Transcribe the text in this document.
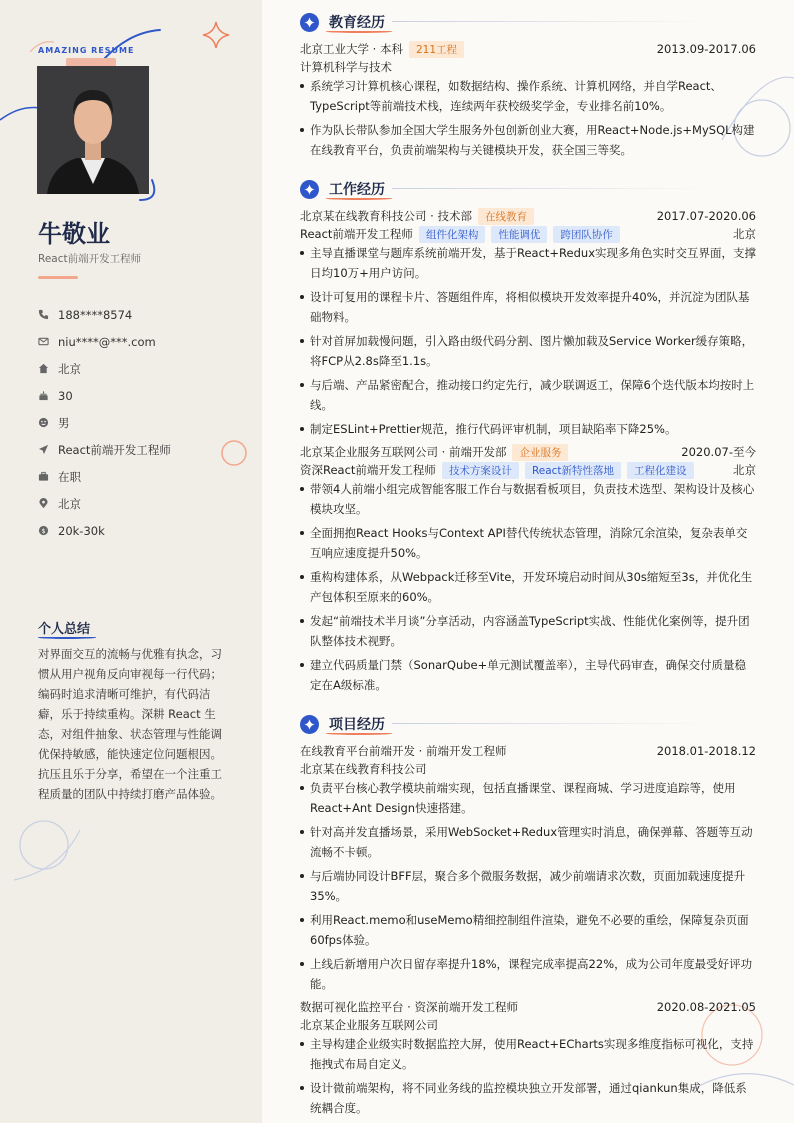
AMAZING RESUME
牛敬业
React前端开发工程师
188****8574
niu****@***.com
北京
30
男
React前端开发工程师
在职
北京
$ 20k-30k
个人总结
对界面交互的流畅与优雅有执念，习惯从用户视角反向审视每一行代码；编码时追求清晰可维护，有代码洁癖，乐于持续重构。深耕 React 生态，对组件抽象、状态管理与性能调优保持敏感，能快速定位问题根因。抗压且乐于分享，希望在一个注重工程质量的团队中持续打磨产品体验。
教育经历
北京工业大学 · 本科	211工程	2013.09-2017.06
计算机科学与技术
系统学习计算机核心课程，如数据结构、操作系统、计算机网络，并自学React、TypeScript等前端技术栈，连续两年获校级奖学金，专业排名前10%。
作为队长带队参加全国大学生服务外包创新创业大赛，用React+Node.js+MySQL构建在线教育平台，负责前端架构与关键模块开发，获全国三等奖。
工作经历
北京某在线教育科技公司 · 技术部	在线教育	2017.07-2020.06
React前端开发工程师	组件化架构	性能调优	跨团队协作	北京
主导直播课堂与题库系统前端开发，基于React+Redux实现多角色实时交互界面，支撑日均10万+用户访问。
设计可复用的课程卡片、答题组件库，将相似模块开发效率提升40%，并沉淀为团队基础物料。
针对首屏加载慢问题，引入路由级代码分割、图片懒加载及Service Worker缓存策略，将FCP从2.8s降至1.1s。
与后端、产品紧密配合，推动接口约定先行，减少联调返工，保障6个迭代版本均按时上线。
制定ESLint+Prettier规范，推行代码评审机制，项目缺陷率下降25%。
北京某企业服务互联网公司 · 前端开发部	企业服务	2020.07-至今
资深React前端开发工程师	技术方案设计	React新特性落地	工程化建设	北京
带领4人前端小组完成智能客服工作台与数据看板项目，负责技术选型、架构设计及核心模块攻坚。
全面拥抱React Hooks与Context API替代传统状态管理，消除冗余渲染，复杂表单交互响应速度提升50%。
重构构建体系，从Webpack迁移至Vite，开发环境启动时间从30s缩短至3s，并优化生产包体积至原来的60%。
发起“前端技术半月谈”分享活动，内容涵盖TypeScript实战、性能优化案例等，提升团队整体技术视野。
建立代码质量门禁（SonarQube+单元测试覆盖率），主导代码审查，确保交付质量稳定在A级标准。
项目经历
在线教育平台前端开发 · 前端开发工程师	2018.01-2018.12
北京某在线教育科技公司
负责平台核心教学模块前端实现，包括直播课堂、课程商城、学习进度追踪等，使用React+Ant Design快速搭建。
针对高并发直播场景，采用WebSocket+Redux管理实时消息，确保弹幕、答题等互动流畅不卡顿。
与后端协同设计BFF层，聚合多个微服务数据，减少前端请求次数，页面加载速度提升35%。
利用React.memo和useMemo精细控制组件渲染，避免不必要的重绘，保障复杂页面60fps体验。
上线后新增用户次日留存率提升18%，课程完成率提高22%，成为公司年度最受好评功能。
数据可视化监控平台 · 资深前端开发工程师	2020.08-2021.05
北京某企业服务互联网公司
主导构建企业级实时数据监控大屏，使用React+ECharts实现多维度指标可视化，支持拖拽式布局自定义。
设计微前端架构，将不同业务线的监控模块独立开发部署，通过qiankun集成，降低系统耦合度。
